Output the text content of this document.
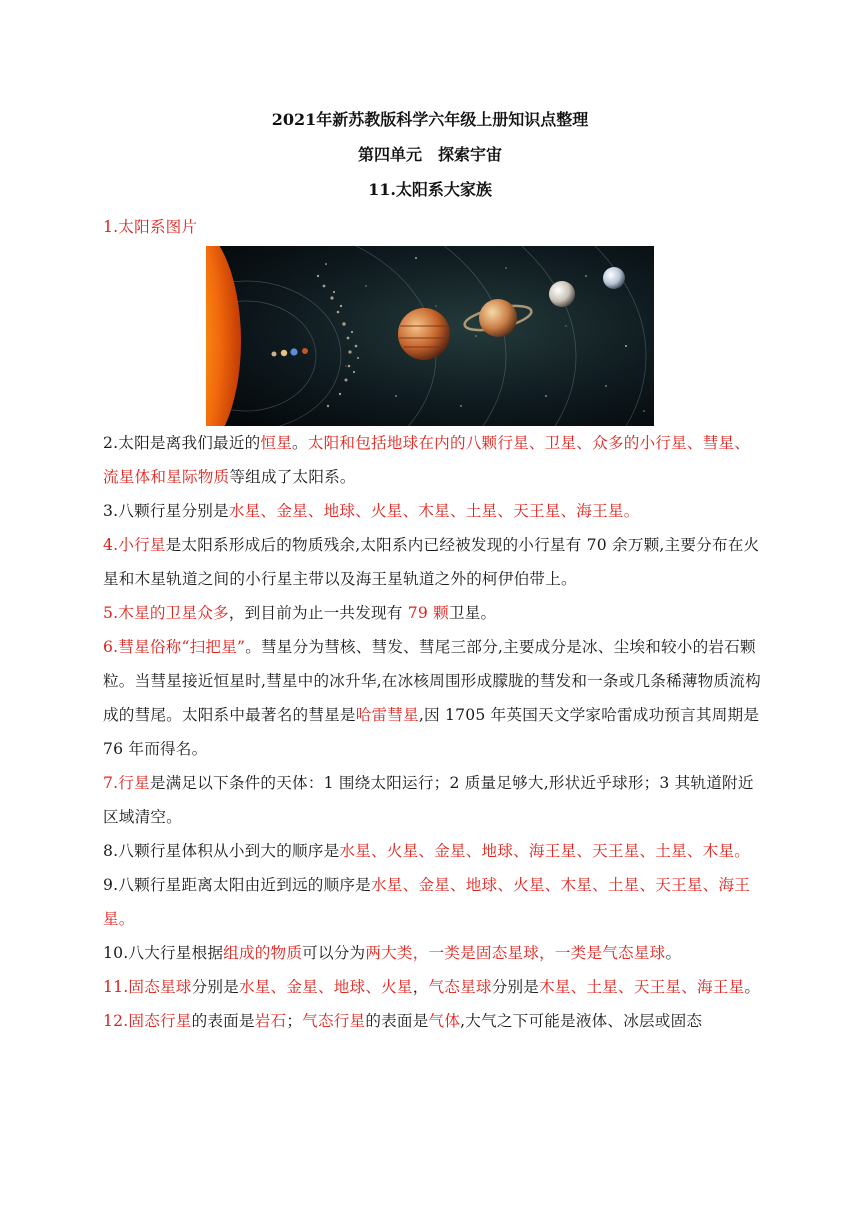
2021年新苏教版科学六年级上册知识点整理
第四单元　探索宇宙
11.太阳系大家族

1.太阳系图片

2.太阳是离我们最近的恒星。太阳和包括地球在内的八颗行星、卫星、众多的小行星、彗星、流星体和星际物质等组成了太阳系。

3.八颗行星分别是水星、金星、地球、火星、木星、土星、天王星、海王星。

4.小行星是太阳系形成后的物质残余,太阳系内已经被发现的小行星有 70 余万颗,主要分布在火星和木星轨道之间的小行星主带以及海王星轨道之外的柯伊伯带上。

5.木星的卫星众多，到目前为止一共发现有 79 颗卫星。

6.彗星俗称“扫把星”。彗星分为彗核、彗发、彗尾三部分,主要成分是冰、尘埃和较小的岩石颗粒。当彗星接近恒星时,彗星中的冰升华,在冰核周围形成朦胧的彗发和一条或几条稀薄物质流构成的彗尾。太阳系中最著名的彗星是哈雷彗星,因 1705 年英国天文学家哈雷成功预言其周期是 76 年而得名。

7.行星是满足以下条件的天体：1 围绕太阳运行；2 质量足够大,形状近乎球形；3 其轨道附近区域清空。

8.八颗行星体积从小到大的顺序是水星、火星、金星、地球、海王星、天王星、土星、木星。

9.八颗行星距离太阳由近到远的顺序是水星、金星、地球、火星、木星、土星、天王星、海王星。

10.八大行星根据组成的物质可以分为两大类，一类是固态星球，一类是气态星球。

11.固态星球分别是水星、金星、地球、火星，气态星球分别是木星、土星、天王星、海王星。

12.固态行星的表面是岩石；气态行星的表面是气体,大气之下可能是液体、冰层或固态
